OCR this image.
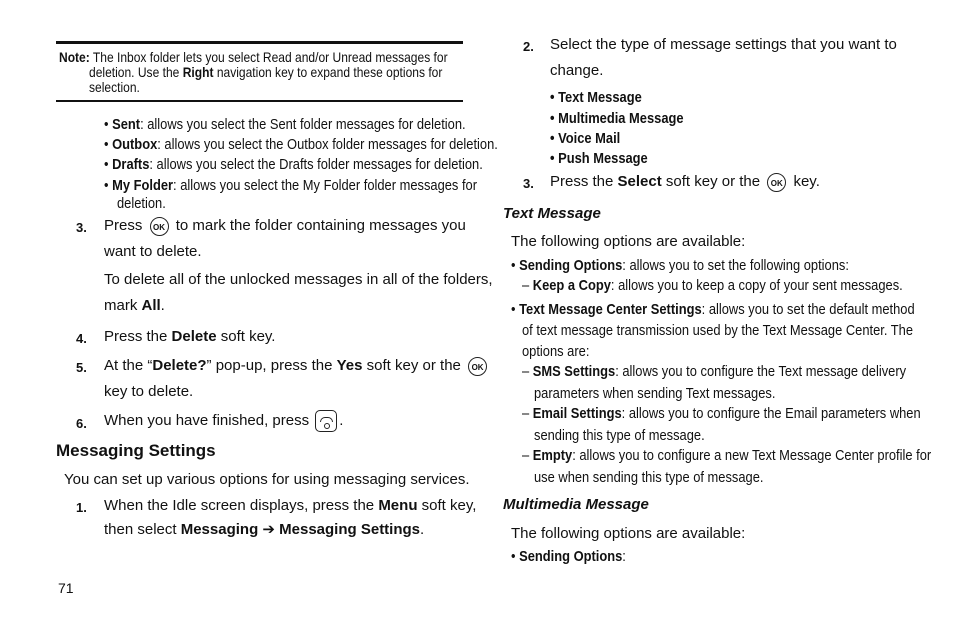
Note: The Inbox folder lets you select Read and/or Unread messages for
deletion. Use the Right navigation key to expand these options for
selection.
• Sent: allows you select the Sent folder messages for deletion.
• Outbox: allows you select the Outbox folder messages for deletion.
• Drafts: allows you select the Drafts folder messages for deletion.
• My Folder: allows you select the My Folder folder messages for
deletion.
3. Press OK to mark the folder containing messages you
want to delete.
To delete all of the unlocked messages in all of the folders,
mark All.
4. Press the Delete soft key.
5. At the “Delete?” pop-up, press the Yes soft key or the OK
key to delete.
6. When you have finished, press .
Messaging Settings
You can set up various options for using messaging services.
1. When the Idle screen displays, press the Menu soft key,
then select Messaging ➔ Messaging Settings.
71
2. Select the type of message settings that you want to
change.
• Text Message
• Multimedia Message
• Voice Mail
• Push Message
3. Press the Select soft key or the OK key.
Text Message
The following options are available:
• Sending Options: allows you to set the following options:
– Keep a Copy: allows you to keep a copy of your sent messages.
• Text Message Center Settings: allows you to set the default method
of text message transmission used by the Text Message Center. The
options are:
– SMS Settings: allows you to configure the Text message delivery
parameters when sending Text messages.
– Email Settings: allows you to configure the Email parameters when
sending this type of message.
– Empty: allows you to configure a new Text Message Center profile for
use when sending this type of message.
Multimedia Message
The following options are available:
• Sending Options:
